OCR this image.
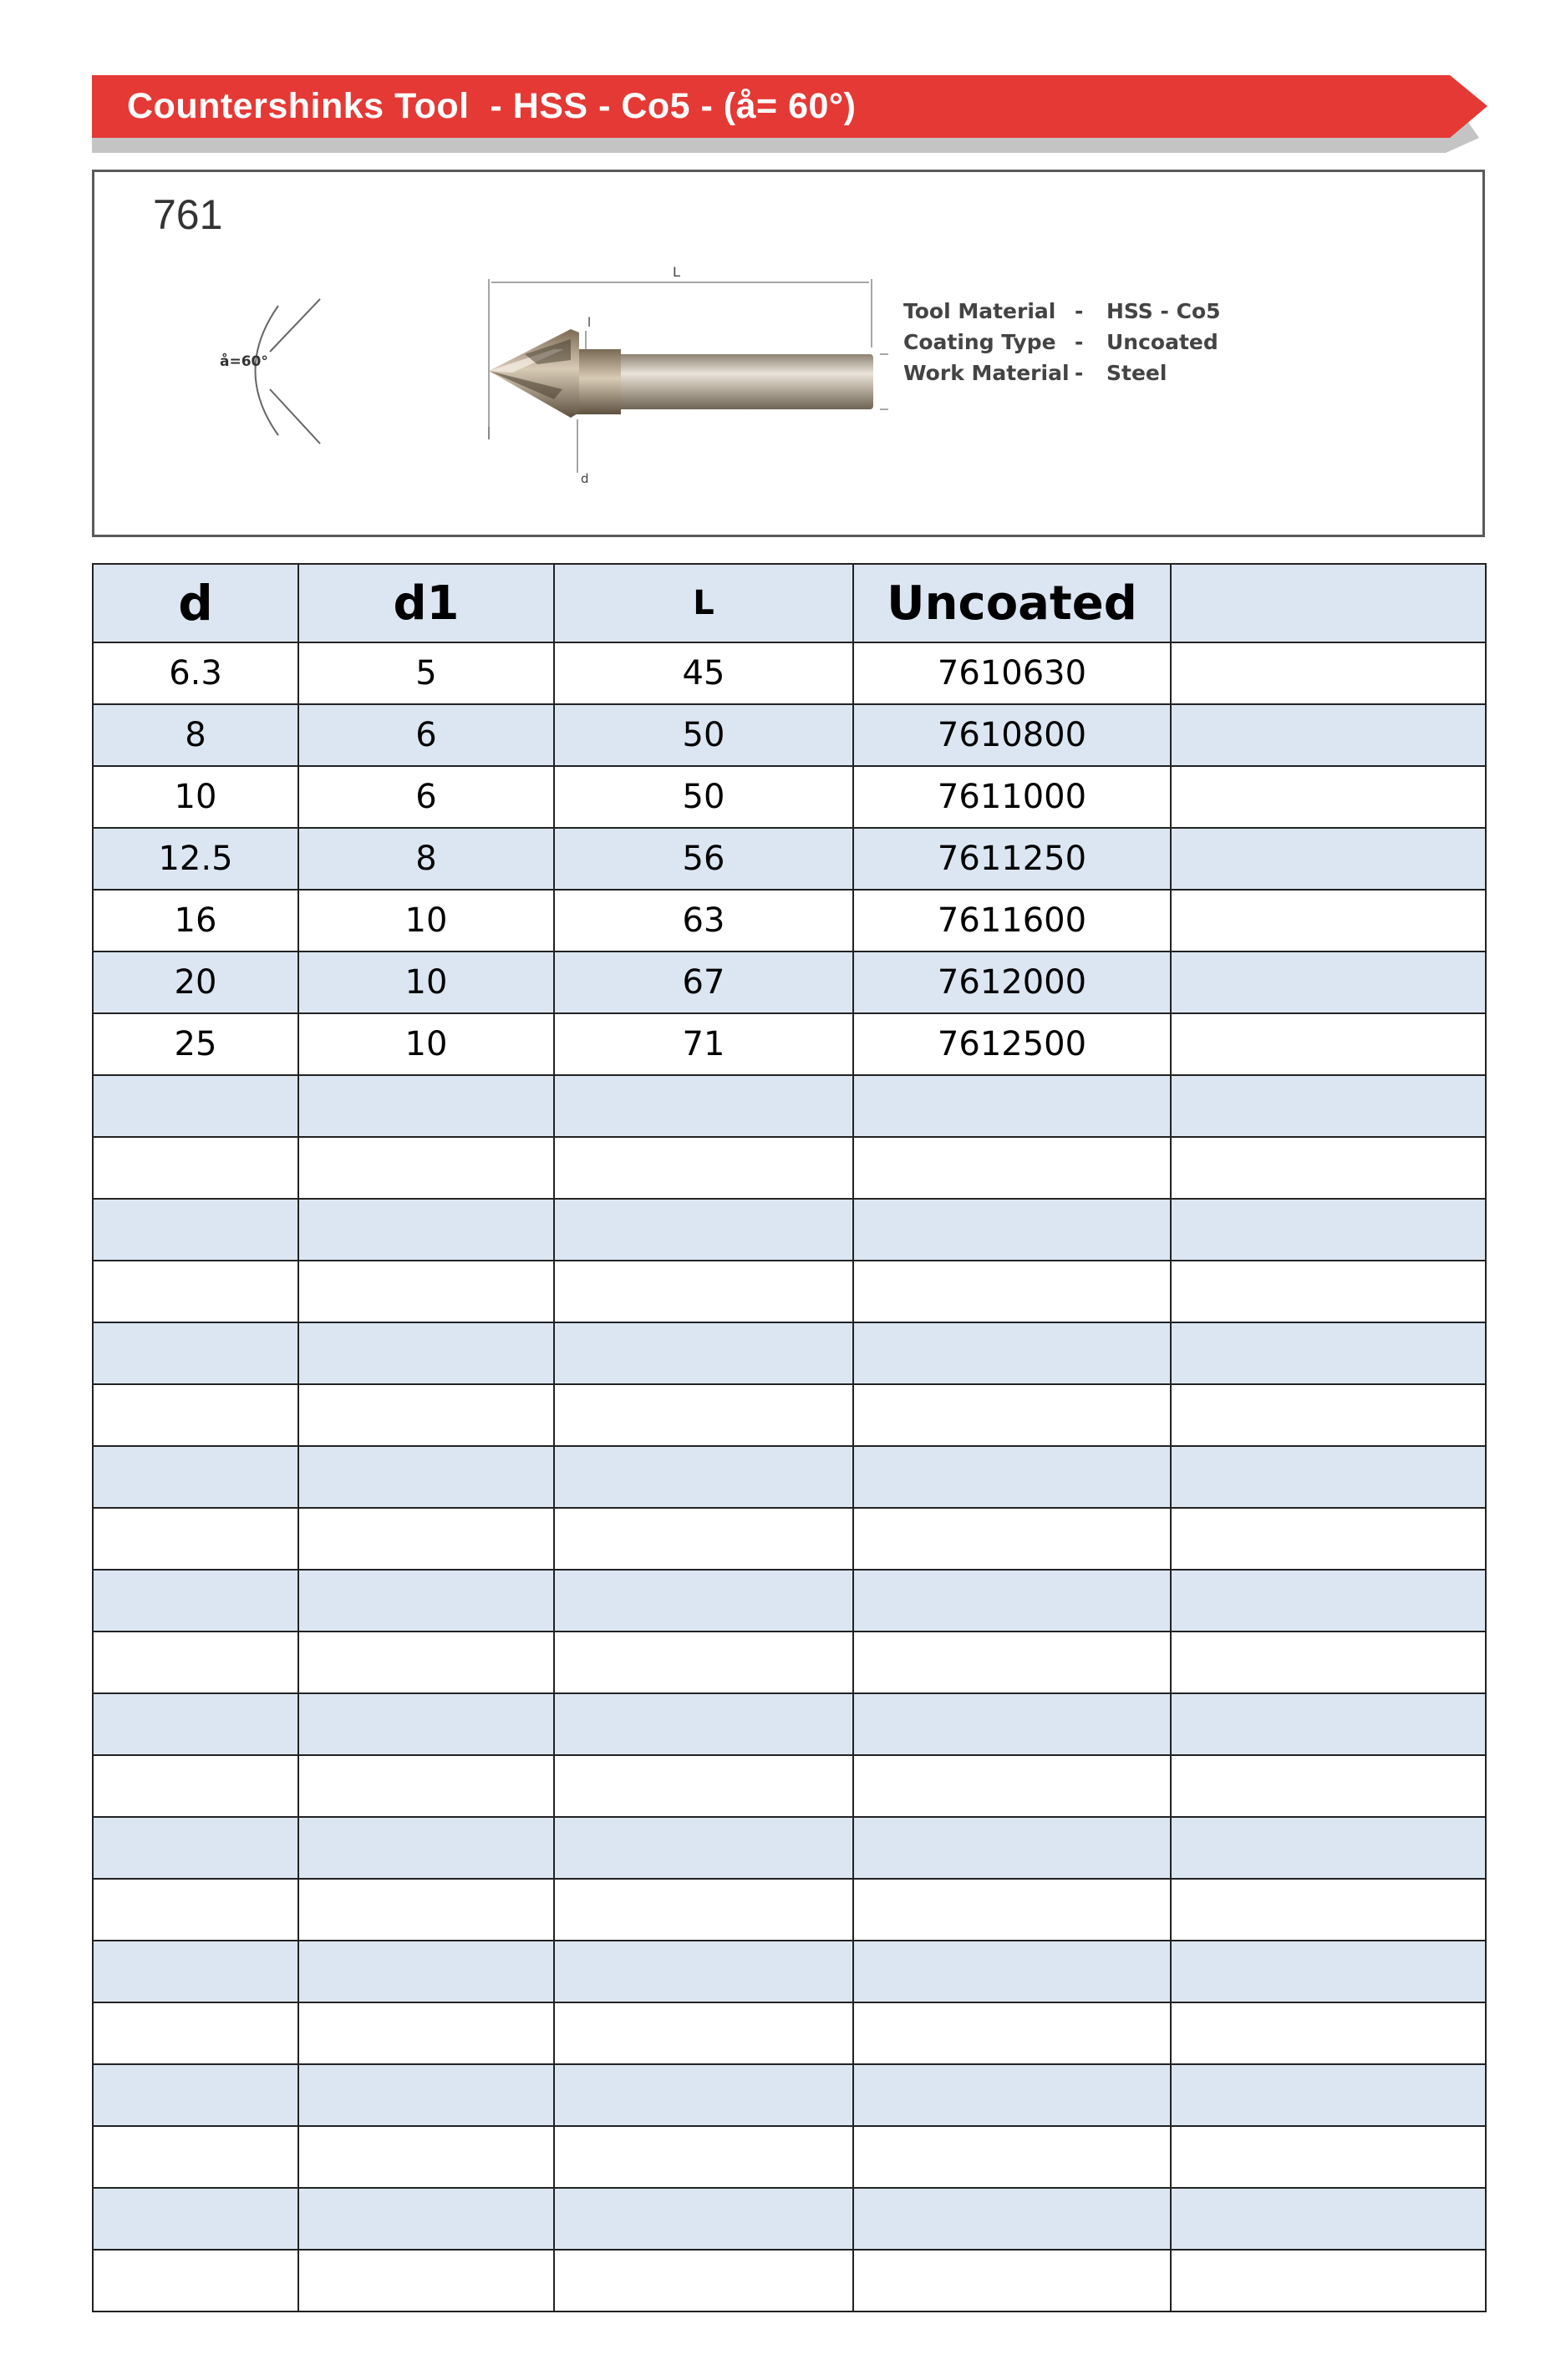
Countershinks Tool  - HSS - Co5 - (å= 60°)
761
å=60°
L
l
d
Tool Material -	HSS - Co5
Coating Type -	Uncoated
Work Material -	Steel
d	d1	L	Uncoated	
6.3	5	45	7610630	
8	6	50	7610800	
10	6	50	7611000	
12.5	8	56	7611250	
16	10	63	7611600	
20	10	67	7612000	
25	10	71	7612500	
